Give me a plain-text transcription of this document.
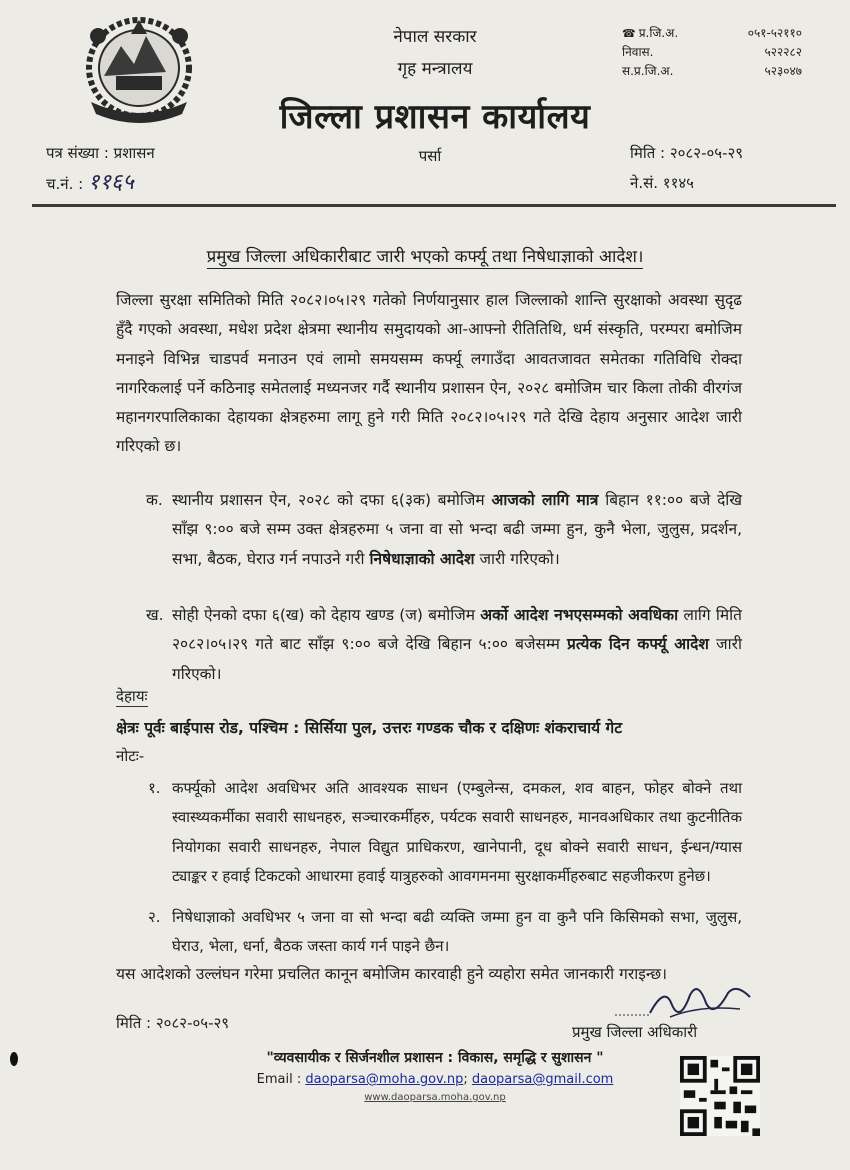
नेपाल सरकार
गृह मन्त्रालय
जिल्ला प्रशासन कार्यालय
पर्सा
☎ प्र.जि.अ.	०५१-५२११०
निवास.	५२२२८२
स.प्र.जि.अ.	५२३०४७
पत्र संख्या : प्रशासन
च.नं. : ११६५
मिति : २०८२-०५-२९
ने.सं. ११४५
प्रमुख जिल्ला अधिकारीबाट जारी भएको कर्फ्यू तथा निषेधाज्ञाको आदेश।
जिल्ला सुरक्षा समितिको मिति २०८२।०५।२९ गतेको निर्णयानुसार हाल जिल्लाको शान्ति सुरक्षाको अवस्था सुदृढ हुँदै गएको अवस्था, मधेश प्रदेश क्षेत्रमा स्थानीय समुदायको आ-आफ्नो रीतितिथि, धर्म संस्कृति, परम्परा बमोजिम मनाइने विभिन्न चाडपर्व मनाउन एवं लामो समयसम्म कर्फ्यू लगाउँदा आवतजावत समेतका गतिविधि रोक्दा नागरिकलाई पर्ने कठिनाइ समेतलाई मध्यनजर गर्दै स्थानीय प्रशासन ऐन, २०२८ बमोजिम चार किला तोकी वीरगंज महानगरपालिकाका देहायका क्षेत्रहरुमा लागू हुने गरी मिति २०८२।०५।२९ गते देखि देहाय अनुसार आदेश जारी गरिएको छ।
क. स्थानीय प्रशासन ऐन, २०२८ को दफा ६(३क) बमोजिम आजको लागि मात्र बिहान ११:०० बजे देखि साँझ ९:०० बजे सम्म उक्त क्षेत्रहरुमा ५ जना वा सो भन्दा बढी जम्मा हुन, कुनै भेला, जुलुस, प्रदर्शन, सभा, बैठक, घेराउ गर्न नपाउने गरी निषेधाज्ञाको आदेश जारी गरिएको।
ख. सोही ऐनको दफा ६(ख) को देहाय खण्ड (ज) बमोजिम अर्को आदेश नभएसम्मको अवधिका लागि मिति २०८२।०५।२९ गते बाट साँझ ९:०० बजे देखि बिहान ५:०० बजेसम्म प्रत्येक दिन कर्फ्यू आदेश जारी गरिएको।
देहायः
क्षेत्रः पूर्वः बाईपास रोड, पश्चिम : सिर्सिया पुल, उत्तरः गण्डक चौक र दक्षिणः शंकराचार्य गेट
नोटः-
१. कर्फ्यूको आदेश अवधिभर अति आवश्यक साधन (एम्बुलेन्स, दमकल, शव बाहन, फोहर बोक्ने तथा स्वास्थ्यकर्मीका सवारी साधनहरु, सञ्चारकर्मीहरु, पर्यटक सवारी साधनहरु, मानवअधिकार तथा कुटनीतिक नियोगका सवारी साधनहरु, नेपाल विद्युत प्राधिकरण, खानेपानी, दूध बोक्ने सवारी साधन, ईन्धन/ग्यास ट्याङ्कर र हवाई टिकटको आधारमा हवाई यात्रुहरुको आवगमनमा सुरक्षाकर्मीहरुबाट सहजीकरण हुनेछ।
२. निषेधाज्ञाको अवधिभर ५ जना वा सो भन्दा बढी व्यक्ति जम्मा हुन वा कुनै पनि किसिमको सभा, जुलुस, घेराउ, भेला, धर्ना, बैठक जस्ता कार्य गर्न पाइने छैन।
यस आदेशको उल्लंघन गरेमा प्रचलित कानून बमोजिम कारवाही हुने व्यहोरा समेत जानकारी गराइन्छ।
मिति : २०८२-०५-२९	प्रमुख जिल्ला अधिकारी
"व्यवसायीक र सिर्जनशील प्रशासन : विकास, समृद्धि र सुशासन "
Email : daoparsa@moha.gov.np; daoparsa@gmail.com
www.daoparsa.moha.gov.np
